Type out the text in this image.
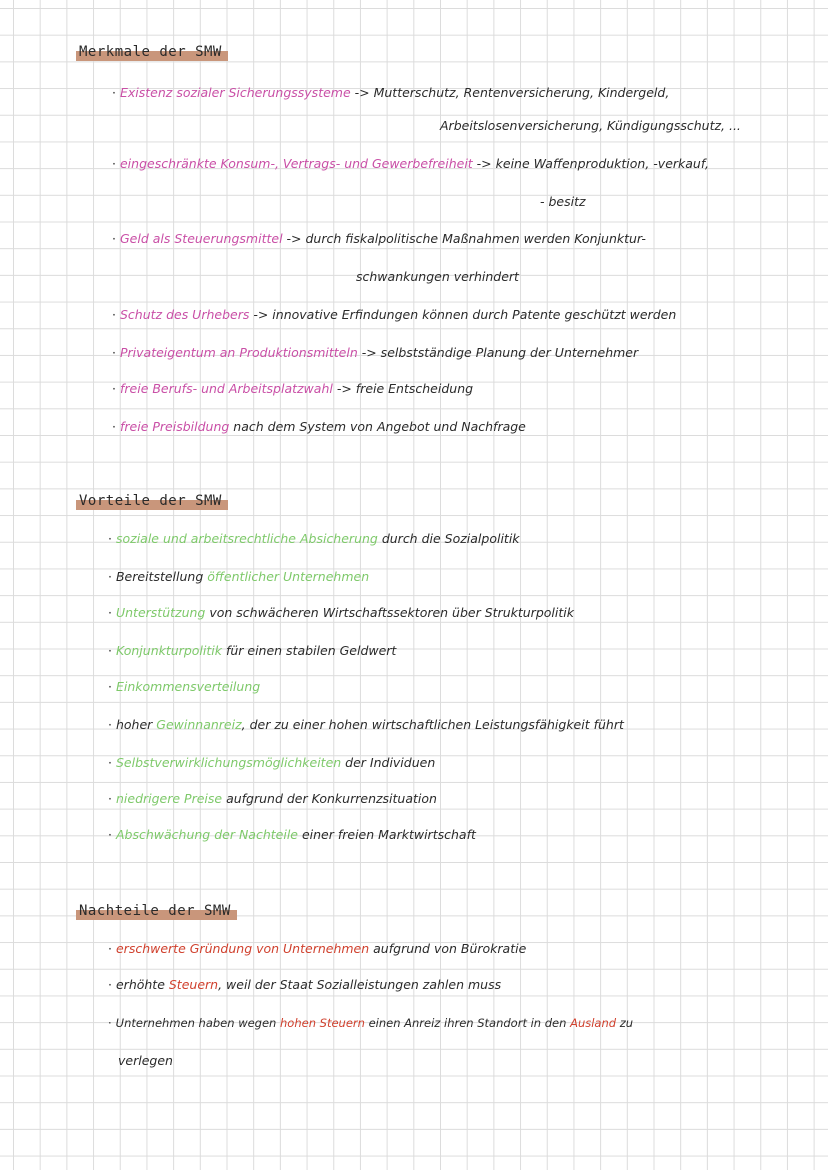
Merkmale der SMW
· Existenz sozialer Sicherungssysteme -> Mutterschutz, Rentenversicherung, Kindergeld,
Arbeitslosenversicherung, Kündigungsschutz, ...
· eingeschränkte Konsum-, Vertrags- und Gewerbefreiheit -> keine Waffenproduktion, -verkauf,
- besitz
· Geld als Steuerungsmittel -> durch fiskalpolitische Maßnahmen werden Konjunktur-
schwankungen verhindert
· Schutz des Urhebers -> innovative Erfindungen können durch Patente geschützt werden
· Privateigentum an Produktionsmitteln -> selbstständige Planung der Unternehmer
· freie Berufs- und Arbeitsplatzwahl -> freie Entscheidung
· freie Preisbildung nach dem System von Angebot und Nachfrage
Vorteile der SMW
· soziale und arbeitsrechtliche Absicherung durch die Sozialpolitik
· Bereitstellung öffentlicher Unternehmen
· Unterstützung von schwächeren Wirtschaftssektoren über Strukturpolitik
· Konjunkturpolitik für einen stabilen Geldwert
· Einkommensverteilung
· hoher Gewinnanreiz, der zu einer hohen wirtschaftlichen Leistungsfähigkeit führt
· Selbstverwirklichungsmöglichkeiten der Individuen
· niedrigere Preise aufgrund der Konkurrenzsituation
· Abschwächung der Nachteile einer freien Marktwirtschaft
Nachteile der SMW
· erschwerte Gründung von Unternehmen aufgrund von Bürokratie
· erhöhte Steuern, weil der Staat Sozialleistungen zahlen muss
· Unternehmen haben wegen hohen Steuern einen Anreiz ihren Standort in den Ausland zu
verlegen
